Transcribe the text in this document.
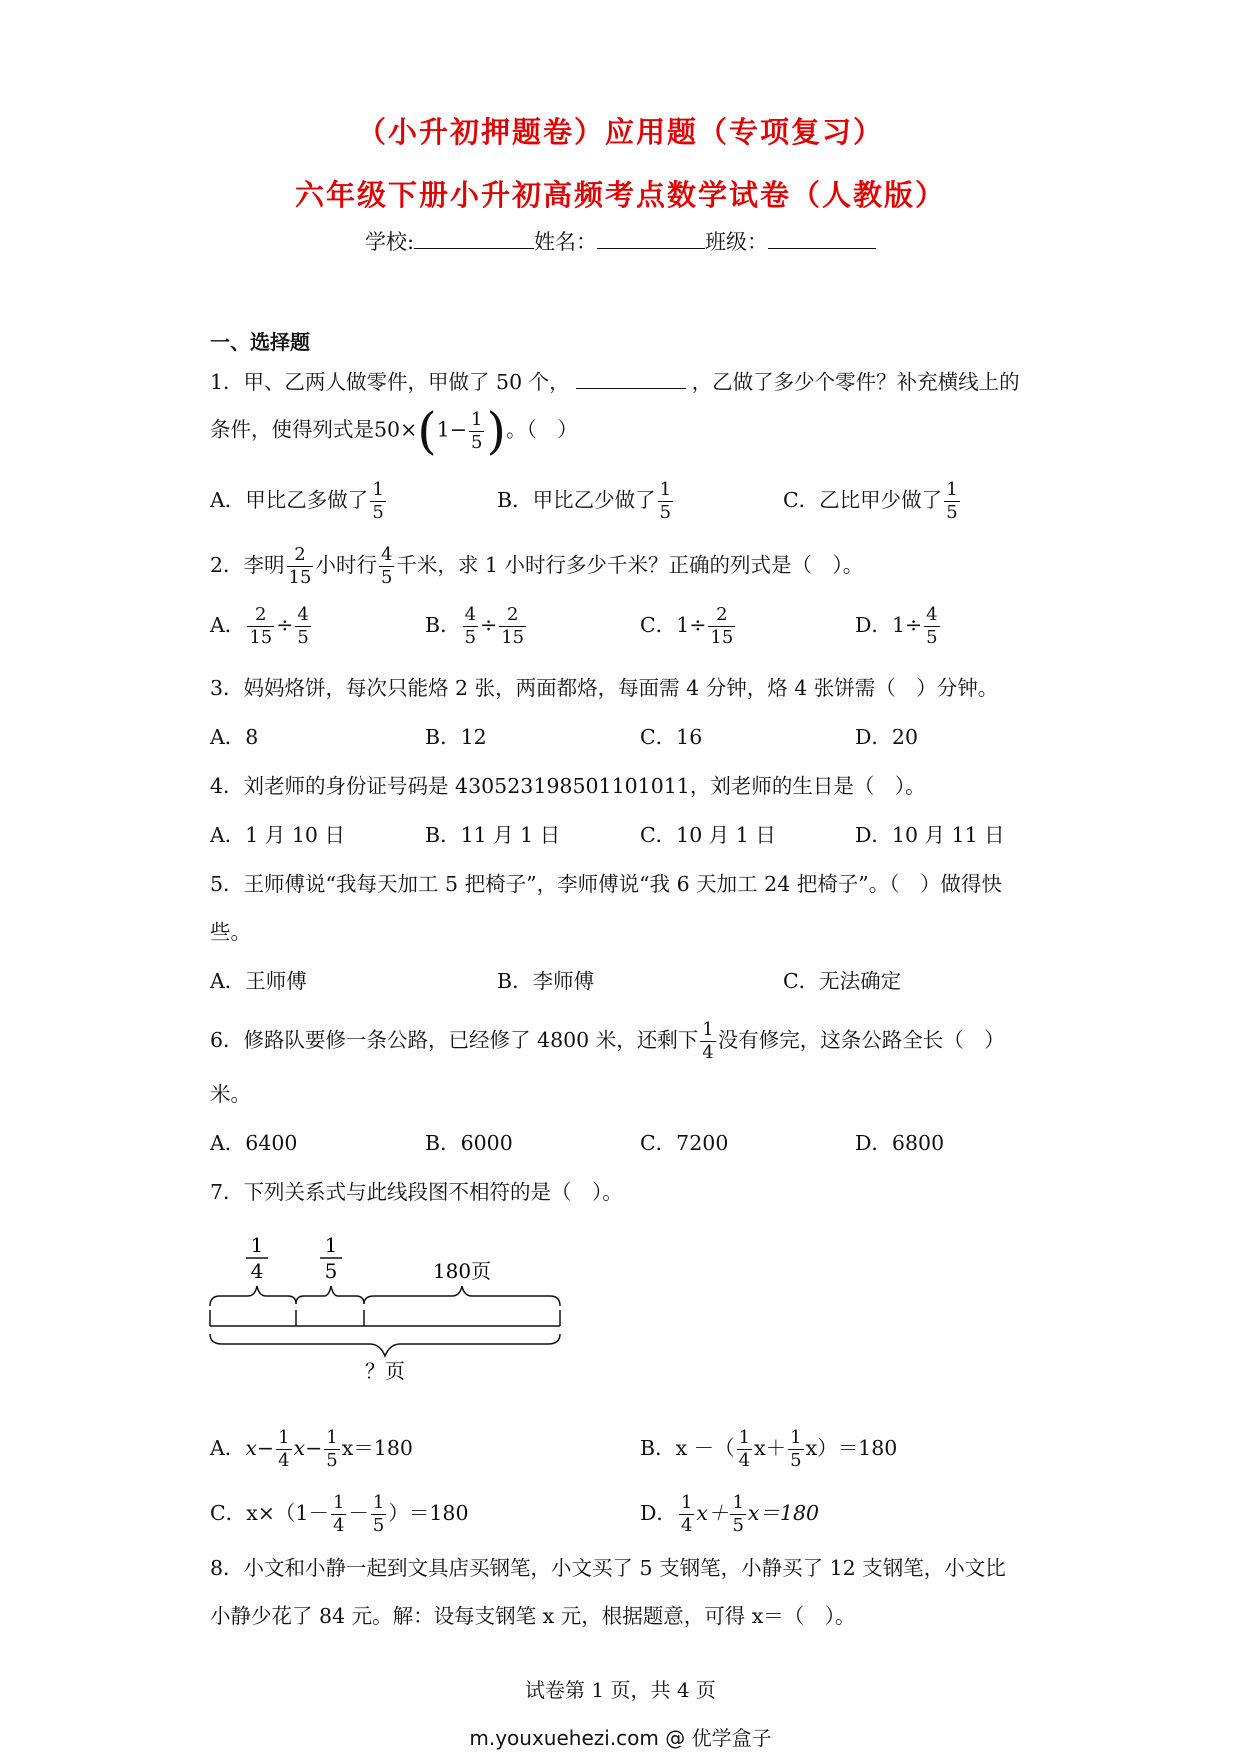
（小升初押题卷）应用题（专项复习）
六年级下册小升初高频考点数学试卷（人教版）
学校:	姓名：	班级：
一、选择题
1．甲、乙两人做零件，甲做了 50 个，	，乙做了多少个零件？补充横线上的
条件，使得列式是$50\times(1- \frac{1}{5}$ )。（　）
A．甲比乙多做了 $\frac{1}{5}$	B．甲比乙少做了 $\frac{1}{5}$	C．乙比甲少做了 $\frac{1}{5}$
2．李明 $\frac{2}{15}$ 小时行 $\frac{4}{5}$ 千米，求 1 小时行多少千米？正确的列式是（　）。
A． $\frac{2}{15} \div \frac{4}{5}$	B． $\frac{4}{5} \div \frac{2}{15}$	C．$1\div \frac{2}{15}$	D．$1\div \frac{4}{5}$
3．妈妈烙饼，每次只能烙 2 张，两面都烙，每面需 4 分钟，烙 4 张饼需（　）分钟。
A．8	B．12	C．16	D．20
4．刘老师的身份证号码是 430523198501101011，刘老师的生日是（　）。
A．1 月 10 日	B．11 月 1 日	C．10 月 1 日	D．10 月 11 日
5．王师傅说“我每天加工 5 把椅子”，李师傅说“我 6 天加工 24 把椅子”。（　）做得快
些。
A．王师傅	B．李师傅	C．无法确定
6．修路队要修一条公路，已经修了 4800 米，还剩下 $\frac{1}{4}$ 没有修完，这条公路全长（　）
米。
A．6400	B．6000	C．7200	D．6800
7．下列关系式与此线段图不相符的是（　）。
1
4
1
5	180页
？页
A．$x- \frac{1}{4} x- \frac{1}{5} x=180$	B．x －（ $\frac{1}{4} x+ \frac{1}{5} x)=180$
C．$x\times(1- \frac{1}{4} - \frac{1}{5} )=180$	D． $\frac{1}{4} x+ \frac{1}{5} x=180$
8．小文和小静一起到文具店买钢笔，小文买了 5 支钢笔，小静买了 12 支钢笔，小文比
小静少花了 84 元。解：设每支钢笔 x 元，根据题意，可得 x＝（　）。
试卷第 1 页，共 4 页
m.youxuehezi.com @ 优学盒子
